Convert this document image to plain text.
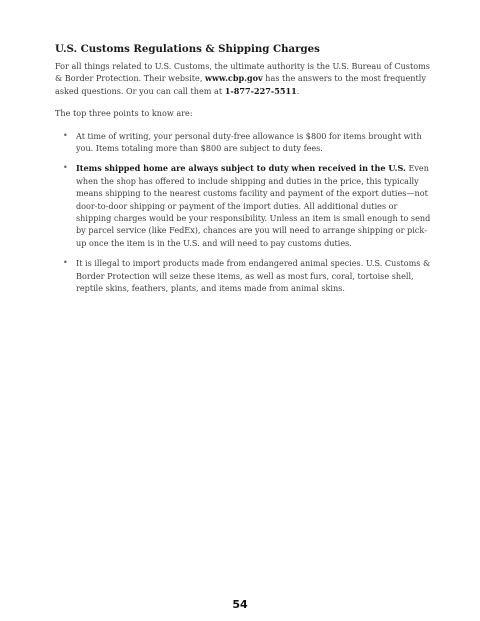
U.S. Customs Regulations & Shipping Charges

For all things related to U.S. Customs, the ultimate authority is the U.S. Bureau of Customs & Border Protection. Their website, www.cbp.gov has the answers to the most frequently asked questions. Or you can call them at 1-877-227-5511.

The top three points to know are:

• At time of writing, your personal duty-free allowance is $800 for items brought with you. Items totaling more than $800 are subject to duty fees.
• Items shipped home are always subject to duty when received in the U.S. Even when the shop has offered to include shipping and duties in the price, this typically means shipping to the nearest customs facility and payment of the export duties—not door-to-door shipping or payment of the import duties. All additional duties or shipping charges would be your responsibility. Unless an item is small enough to send by parcel service (like FedEx), chances are you will need to arrange shipping or pick-up once the item is in the U.S. and will need to pay customs duties.
• It is illegal to import products made from endangered animal species. U.S. Customs & Border Protection will seize these items, as well as most furs, coral, tortoise shell, reptile skins, feathers, plants, and items made from animal skins.
54
